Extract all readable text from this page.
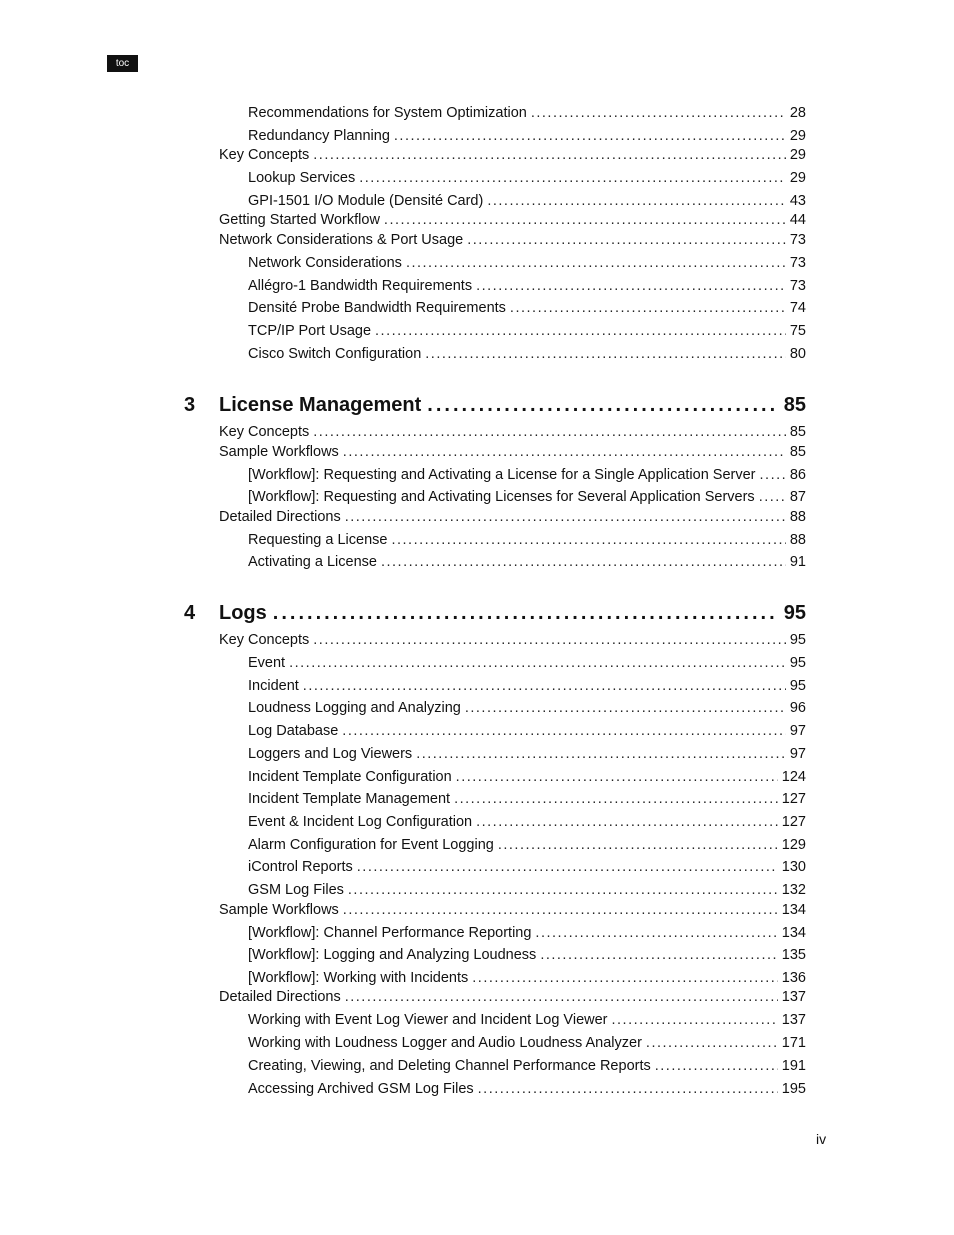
toc
Recommendations for System Optimization .....	28
Redundancy Planning .....	29
Key Concepts .....	29
Lookup Services .....	29
GPI-1501 I/O Module (Densité Card) .....	43
Getting Started Workflow .....	44
Network Considerations & Port Usage .....	73
Network Considerations .....	73
Allégro-1 Bandwidth Requirements .....	73
Densité Probe Bandwidth Requirements .....	74
TCP/IP Port Usage .....	75
Cisco Switch Configuration .....	80
3	License Management .....	85
Key Concepts .....	85
Sample Workflows .....	85
[Workflow]: Requesting and Activating a License for a Single Application Server ..... 86
[Workflow]: Requesting and Activating Licenses for Several Application Servers ..... 87
Detailed Directions .....	88
Requesting a License .....	88
Activating a License .....	91
4	Logs .....	95
Key Concepts .....	95
Event .....	95
Incident .....	95
Loudness Logging and Analyzing .....	96
Log Database .....	97
Loggers and Log Viewers .....	97
Incident Template Configuration .....	124
Incident Template Management .....	127
Event & Incident Log Configuration .....	127
Alarm Configuration for Event Logging .....	129
iControl Reports .....	130
GSM Log Files .....	132
Sample Workflows .....	134
[Workflow]: Channel Performance Reporting .....	134
[Workflow]: Logging and Analyzing Loudness .....	135
[Workflow]: Working with Incidents .....	136
Detailed Directions .....	137
Working with Event Log Viewer and Incident Log Viewer .....	137
Working with Loudness Logger and Audio Loudness Analyzer .....	171
Creating, Viewing, and Deleting Channel Performance Reports .....	191
Accessing Archived GSM Log Files .....	195
iv
